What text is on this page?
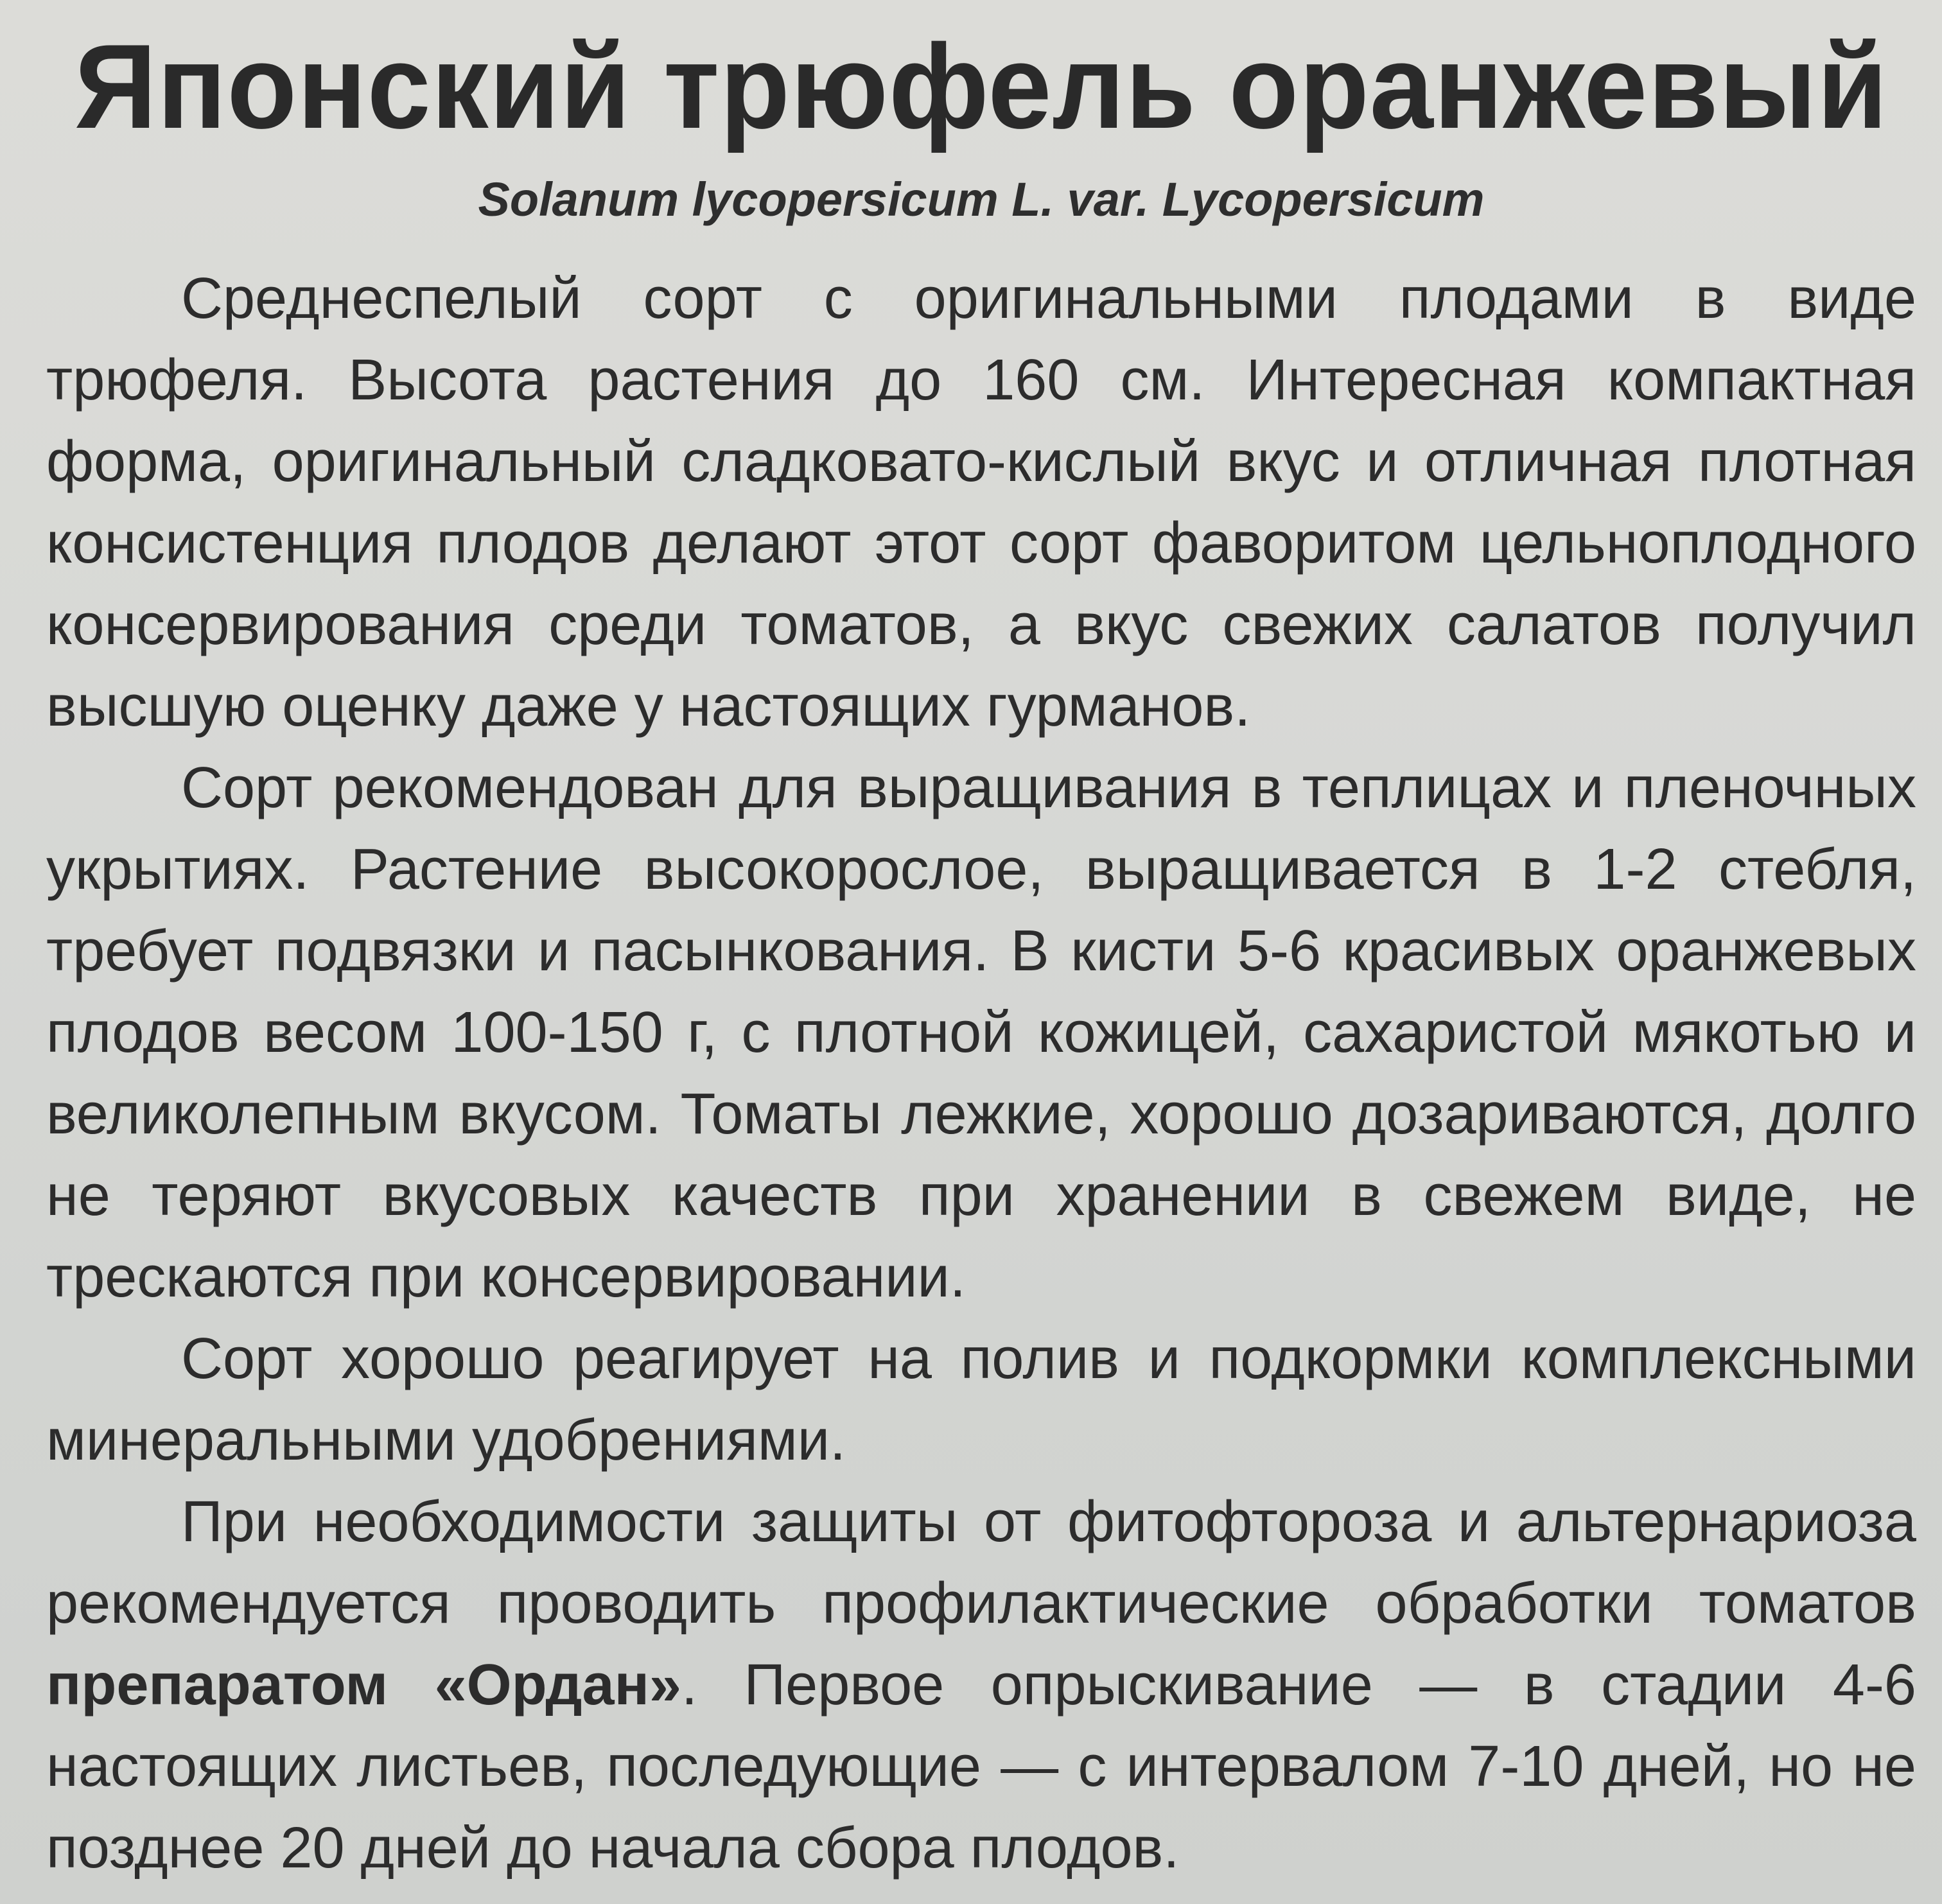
Японский трюфель оранжевый
Solanum lycopersicum L. var. Lycopersicum

Среднеспелый сорт с оригинальными плодами в виде трюфеля. Высота растения до 160 см. Интересная компактная форма, оригинальный сладковато-кислый вкус и отличная плотная консистенция плодов делают этот сорт фаворитом цельноплодного консервирования среди томатов, а вкус свежих салатов получил высшую оценку даже у настоящих гурманов.

Сорт рекомендован для выращивания в теплицах и пленочных укрытиях. Растение высокорослое, выращивается в 1-2 стебля, требует подвязки и пасынкования. В кисти 5-6 красивых оранжевых плодов весом 100-150 г, с плотной кожицей, сахаристой мякотью и великолепным вкусом. Томаты лежкие, хорошо дозариваются, долго не теряют вкусовых качеств при хранении в свежем виде, не трескаются при консервировании.

Сорт хорошо реагирует на полив и подкормки комплексными минеральными удобрениями.

При необходимости защиты от фитофтороза и альтернариоза рекомендуется проводить профилактические обработки томатов препаратом «Ордан». Первое опрыскивание — в стадии 4-6 настоящих листьев, последующие — с интервалом 7-10 дней, но не позднее 20 дней до начала сбора плодов.
